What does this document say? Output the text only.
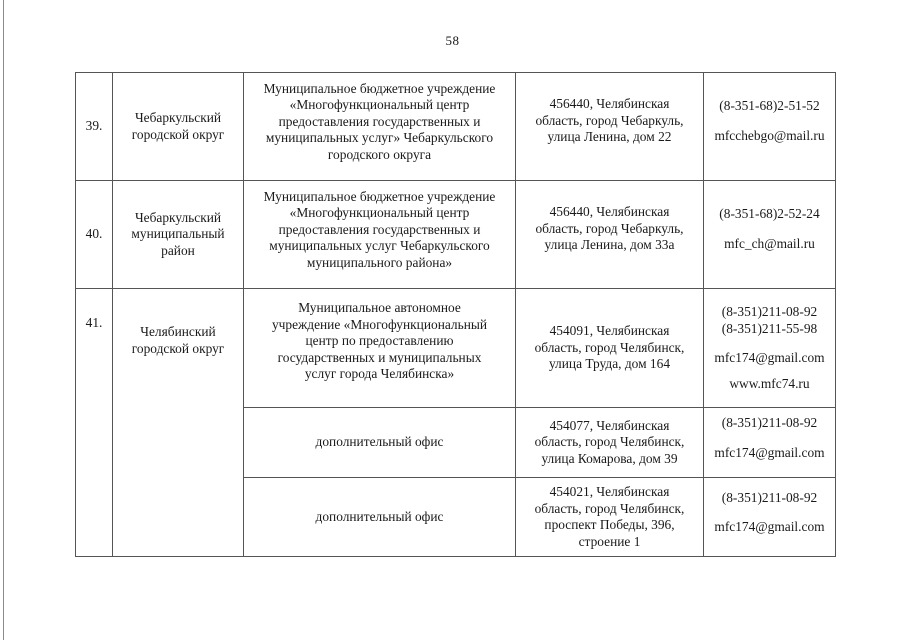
58
39.	Чебаркульский
городской округ	Муниципальное бюджетное учреждение
«Многофункциональный центр
предоставления государственных и
муниципальных услуг» Чебаркульского
городского округа	456440, Челябинская
область, город Чебаркуль,
улица Ленина, дом 22	(8-351-68)2-51-52
mfcchebgo@mail.ru

40.	Чебаркульский
муниципальный
район	Муниципальное бюджетное учреждение
«Многофункциональный центр
предоставления государственных и
муниципальных услуг Чебаркульского
муниципального района»	456440, Челябинская
область, город Чебаркуль,
улица Ленина, дом 33а	(8-351-68)2-52-24
mfc_ch@mail.ru

41.	Челябинский
городской округ	Муниципальное автономное
учреждение «Многофункциональный
центр по предоставлению
государственных и муниципальных
услуг города Челябинска»	454091, Челябинская
область, город Челябинск,
улица Труда, дом 164	(8-351)211-08-92
(8-351)211-55-98
mfc174@gmail.com
www.mfc74.ru

		дополнительный офис	454077, Челябинская
область, город Челябинск,
улица Комарова, дом 39	(8-351)211-08-92
mfc174@gmail.com

		дополнительный офис	454021, Челябинская
область, город Челябинск,
проспект Победы, 396,
строение 1	(8-351)211-08-92
mfc174@gmail.com
